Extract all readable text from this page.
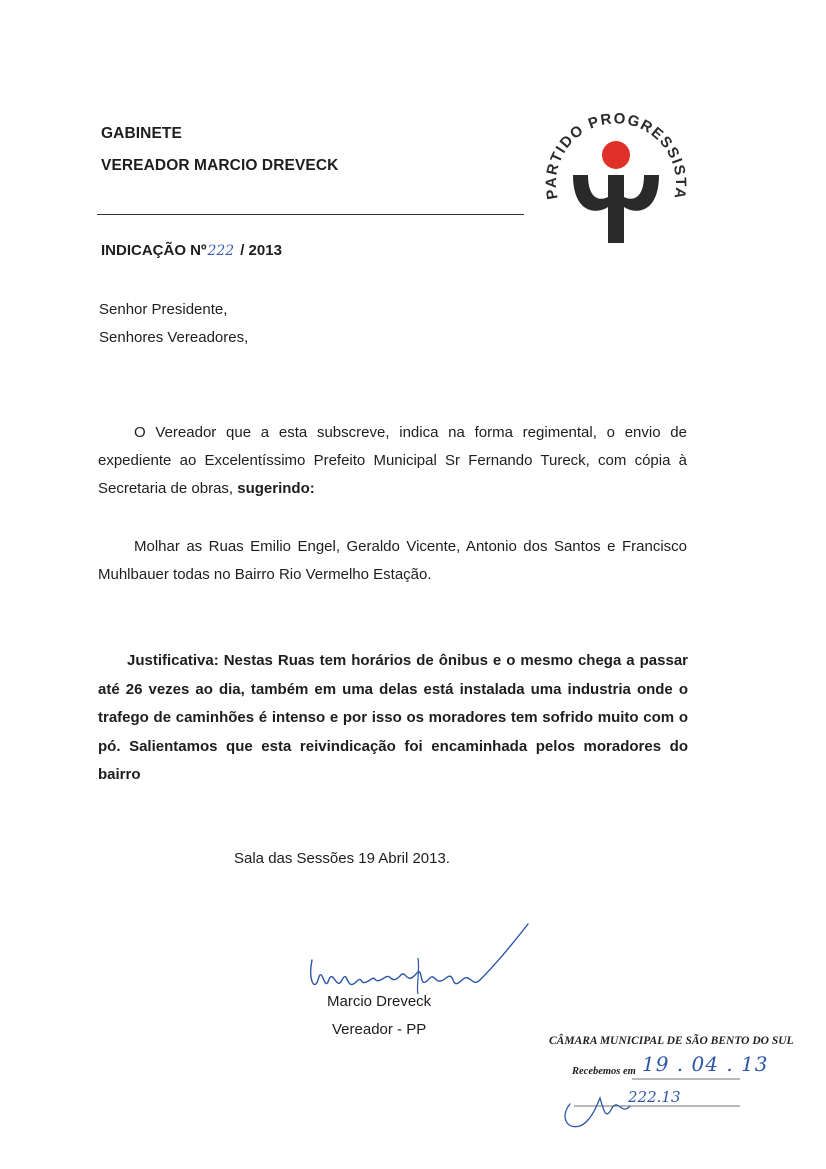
GABINETE
VEREADOR MARCIO DREVECK
PARTIDO PROGRESSISTA
INDICAÇÃO Nº222 / 2013
Senhor Presidente,
Senhores Vereadores,
O Vereador que a esta subscreve, indica na forma regimental, o envio de expediente ao Excelentíssimo Prefeito Municipal Sr Fernando Tureck, com cópia à Secretaria de obras, sugerindo:
Molhar as Ruas Emilio Engel, Geraldo Vicente, Antonio dos Santos e Francisco Muhlbauer todas no Bairro Rio Vermelho Estação.
Justificativa: Nestas Ruas tem horários de ônibus e o mesmo chega a passar até 26 vezes ao dia, também em uma delas está instalada uma industria onde o trafego de caminhões é intenso e por isso os moradores tem sofrido muito com o pó. Salientamos que esta reivindicação foi encaminhada pelos moradores do bairro
Sala das Sessões 19 Abril 2013.
Marcio Dreveck
Vereador - PP
CÂMARA MUNICIPAL DE SÃO BENTO DO SUL
Recebemos em 19 . 04 . 13
222.13
